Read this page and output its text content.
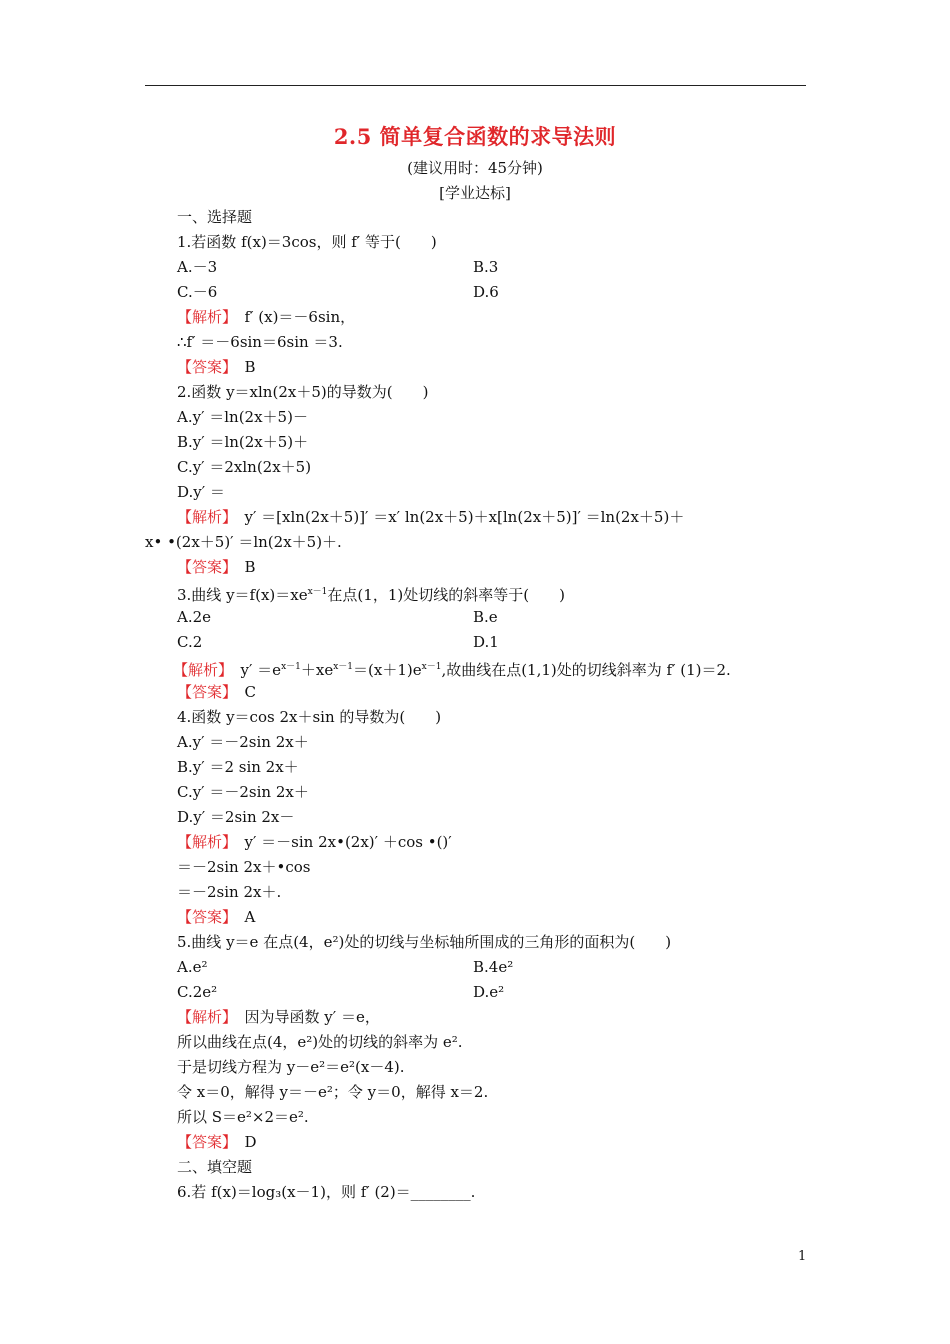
2.5 简单复合函数的求导法则
(建议用时：45分钟)
[学业达标]
一、选择题
1.若函数 f(x)＝3cos，则 f′ 等于(　　)
A.－3	B.3
C.－6	D.6
【解析】　 f′ (x)＝－6sin，
∴f′ ＝－6sin＝6sin ＝3.
【答案】　 B
2.函数 y＝xln(2x＋5)的导数为(　　)
A.y′ ＝ln(2x＋5)－
B.y′ ＝ln(2x＋5)＋
C.y′ ＝2xln(2x＋5)
D.y′ ＝
【解析】　 y′ ＝[xln(2x＋5)]′ ＝x′ ln(2x＋5)＋x[ln(2x＋5)]′ ＝ln(2x＋5)＋
x• •(2x＋5)′ ＝ln(2x＋5)＋.
【答案】　 B
3.曲线 $y=f(x)=xe^{x-1}$在点(1，1)处切线的斜率等于(　　)
A.2e	B.e
C.2	D.1
【解析】　 $y' =e^{x-1}+xe^{x-1}=(x+1)e^{x-1}$,故曲线在点(1,1)处的切线斜率为 f′ (1)＝2.
【答案】　 C
4.函数 y＝cos 2x＋sin 的导数为(　　)
A.y′ ＝－2sin 2x＋
B.y′ ＝2 sin 2x＋
C.y′ ＝－2sin 2x＋
D.y′ ＝2sin 2x－
【解析】　 y′ ＝－sin 2x•(2x)′ ＋cos •()′
＝－2sin 2x＋•cos
＝－2sin 2x＋.
【答案】　 A
5.曲线 y＝e 在点(4，e²)处的切线与坐标轴所围成的三角形的面积为(　　)
A.e²	B.4e²
C.2e²	D.e²
【解析】　 因为导函数 y′ ＝e，
所以曲线在点(4，e²)处的切线的斜率为 e².
于是切线方程为 y－e²＝e²(x－4).
令 x＝0，解得 y＝－e²；令 y＝0，解得 x＝2.
所以 S＝e²×2＝e².
【答案】　 D
二、填空题
6.若 f(x)＝log₃(x－1)，则 f′ (2)＝________.
1
